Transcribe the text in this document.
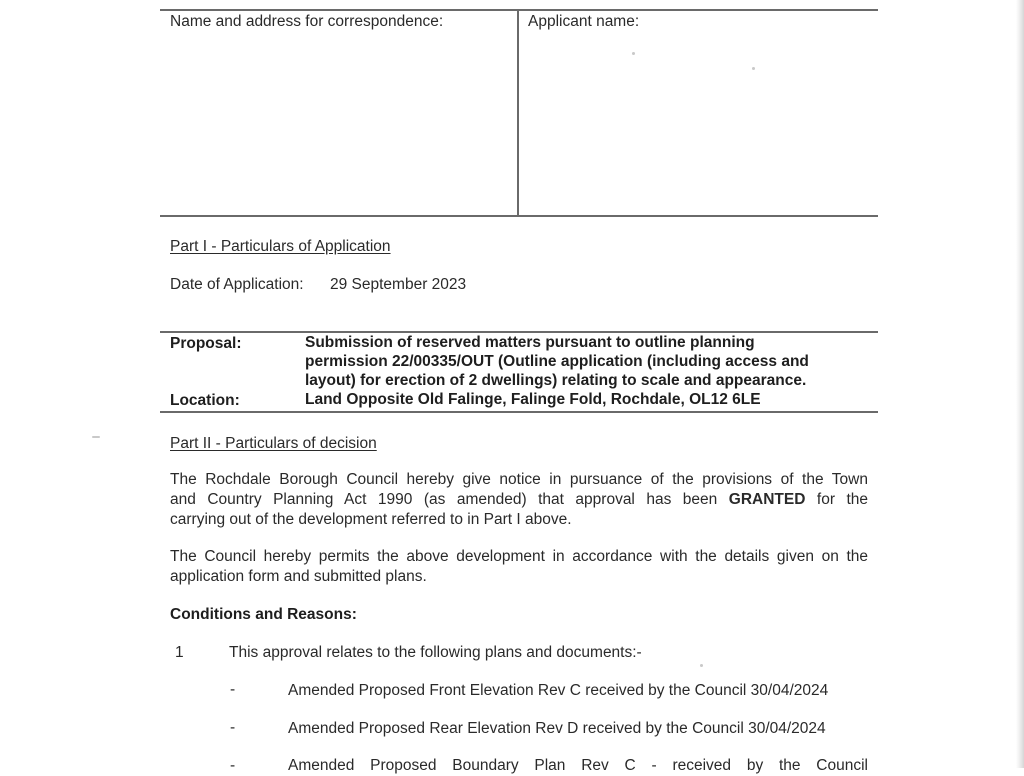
Name and address for correspondence:	Applicant name:
Part I - Particulars of Application
Date of Application: 29 September 2023
Proposal:	Submission of reserved matters pursuant to outline planning
permission 22/00335/OUT (Outline application (including access and
layout) for erection of 2 dwellings) relating to scale and appearance.
Location:	Land Opposite Old Falinge, Falinge Fold, Rochdale, OL12 6LE
Part II - Particulars of decision
The Rochdale Borough Council hereby give notice in pursuance of the provisions of the Town
and Country Planning Act 1990 (as amended) that approval has been GRANTED for the
carrying out of the development referred to in Part I above.
The Council hereby permits the above development in accordance with the details given on the
application form and submitted plans.
Conditions and Reasons:
1	This approval relates to the following plans and documents:-
-	Amended Proposed Front Elevation Rev C received by the Council 30/04/2024
-	Amended Proposed Rear Elevation Rev D received by the Council 30/04/2024
-	Amended Proposed Boundary Plan Rev C - received by the Council
